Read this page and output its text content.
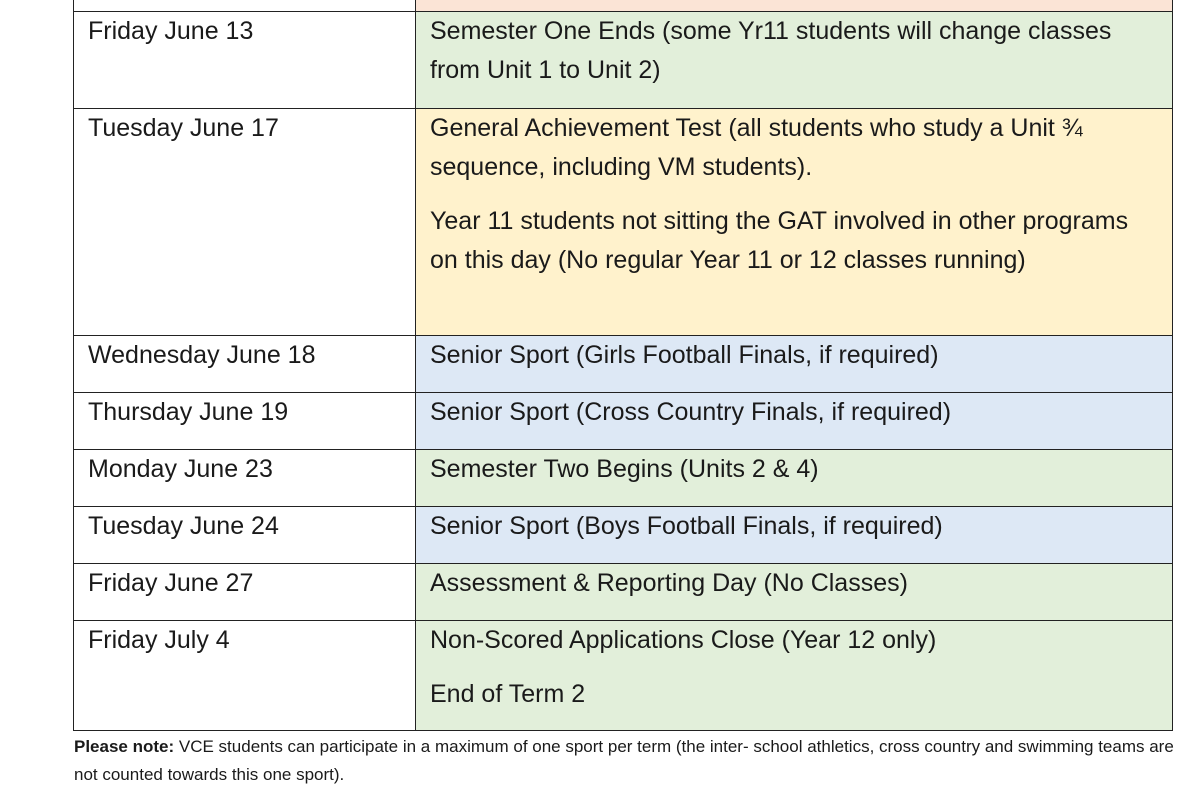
Friday June 13	Semester One Ends (some Yr11 students will change classes from Unit 1 to Unit 2)

Tuesday June 17	General Achievement Test (all students who study a Unit ¾ sequence, including VM students).
Year 11 students not sitting the GAT involved in other programs on this day (No regular Year 11 or 12 classes running)

Wednesday June 18	Senior Sport (Girls Football Finals, if required)

Thursday June 19	Senior Sport (Cross Country Finals, if required)

Monday June 23	Semester Two Begins (Units 2 & 4)

Tuesday June 24	Senior Sport (Boys Football Finals, if required)

Friday June 27	Assessment & Reporting Day (No Classes)

Friday July 4	Non-Scored Applications Close (Year 12 only)
End of Term 2
Please note: VCE students can participate in a maximum of one sport per term (the inter- school athletics, cross country and swimming teams are not counted towards this one sport).
